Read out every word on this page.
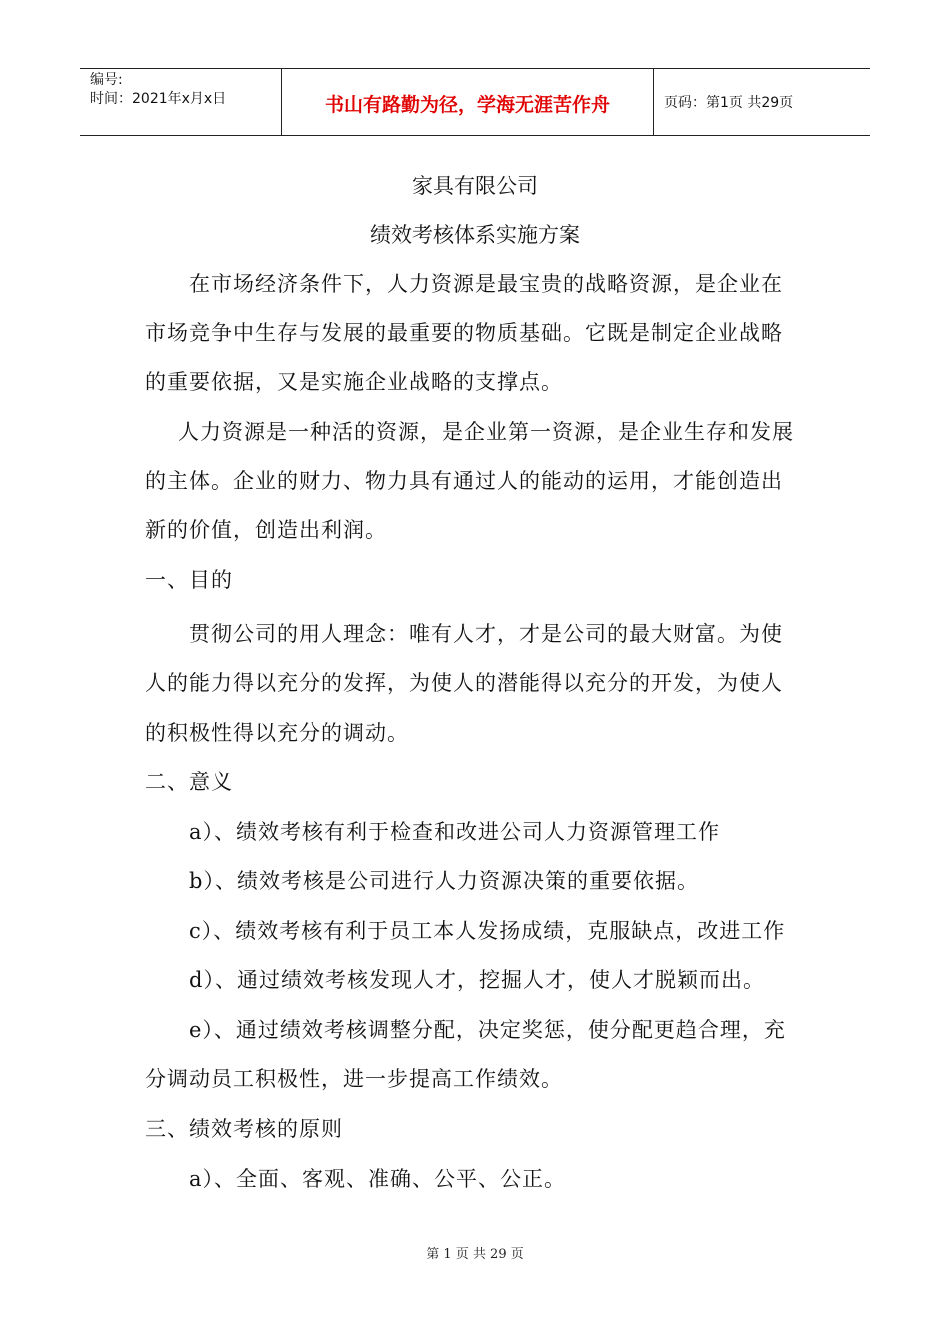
编号:
时间：2021年x月x日	书山有路勤为径，学海无涯苦作舟	页码：第1页 共29页
家具有限公司
绩效考核体系实施方案
在市场经济条件下，人力资源是最宝贵的战略资源，是企业在
市场竞争中生存与发展的最重要的物质基础。它既是制定企业战略
的重要依据，又是实施企业战略的支撑点。
人力资源是一种活的资源，是企业第一资源，是企业生存和发展
的主体。企业的财力、物力具有通过人的能动的运用，才能创造出
新的价值，创造出利润。
一、目的
贯彻公司的用人理念：唯有人才，才是公司的最大财富。为使
人的能力得以充分的发挥，为使人的潜能得以充分的开发，为使人
的积极性得以充分的调动。
二、意义
a）、绩效考核有利于检查和改进公司人力资源管理工作
b）、绩效考核是公司进行人力资源决策的重要依据。
c）、绩效考核有利于员工本人发扬成绩，克服缺点，改进工作
d）、通过绩效考核发现人才，挖掘人才，使人才脱颖而出。
e）、通过绩效考核调整分配，决定奖惩，使分配更趋合理，充
分调动员工积极性，进一步提高工作绩效。
三、绩效考核的原则
a）、全面、客观、准确、公平、公正。
第 1 页 共 29 页
